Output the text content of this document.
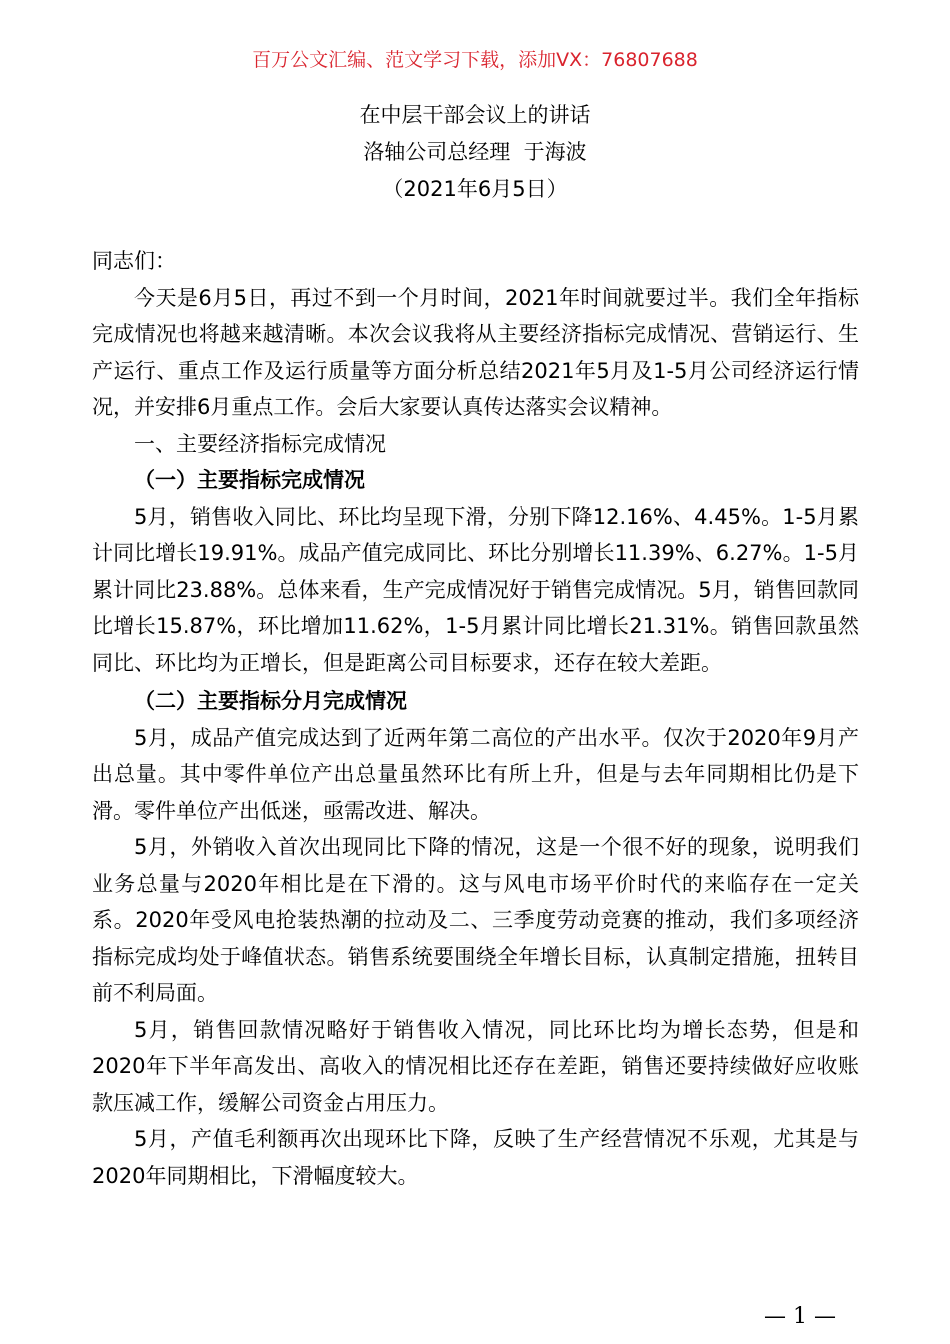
百万公文汇编、范文学习下载，添加VX：76807688
在中层干部会议上的讲话
洛轴公司总经理  于海波
（2021年6月5日）

同志们：

今天是6月5日，再过不到一个月时间，2021年时间就要过半。我们全年指标完成情况也将越来越清晰。本次会议我将从主要经济指标完成情况、营销运行、生产运行、重点工作及运行质量等方面分析总结2021年5月及1-5月公司经济运行情况，并安排6月重点工作。会后大家要认真传达落实会议精神。

一、主要经济指标完成情况

（一）主要指标完成情况

5月，销售收入同比、环比均呈现下滑，分别下降12.16%、4.45%。1-5月累计同比增长19.91%。成品产值完成同比、环比分别增长11.39%、6.27%。1-5月累计同比23.88%。总体来看，生产完成情况好于销售完成情况。5月，销售回款同比增长15.87%，环比增加11.62%，1-5月累计同比增长21.31%。销售回款虽然同比、环比均为正增长，但是距离公司目标要求，还存在较大差距。

（二）主要指标分月完成情况

5月，成品产值完成达到了近两年第二高位的产出水平。仅次于2020年9月产出总量。其中零件单位产出总量虽然环比有所上升，但是与去年同期相比仍是下滑。零件单位产出低迷，亟需改进、解决。

5月，外销收入首次出现同比下降的情况，这是一个很不好的现象，说明我们业务总量与2020年相比是在下滑的。这与风电市场平价时代的来临存在一定关系。2020年受风电抢装热潮的拉动及二、三季度劳动竞赛的推动，我们多项经济指标完成均处于峰值状态。销售系统要围绕全年增长目标，认真制定措施，扭转目前不利局面。

5月，销售回款情况略好于销售收入情况，同比环比均为增长态势，但是和2020年下半年高发出、高收入的情况相比还存在差距，销售还要持续做好应收账款压减工作，缓解公司资金占用压力。

5月，产值毛利额再次出现环比下降，反映了生产经营情况不乐观，尤其是与2020年同期相比，下滑幅度较大。

— 1 —
